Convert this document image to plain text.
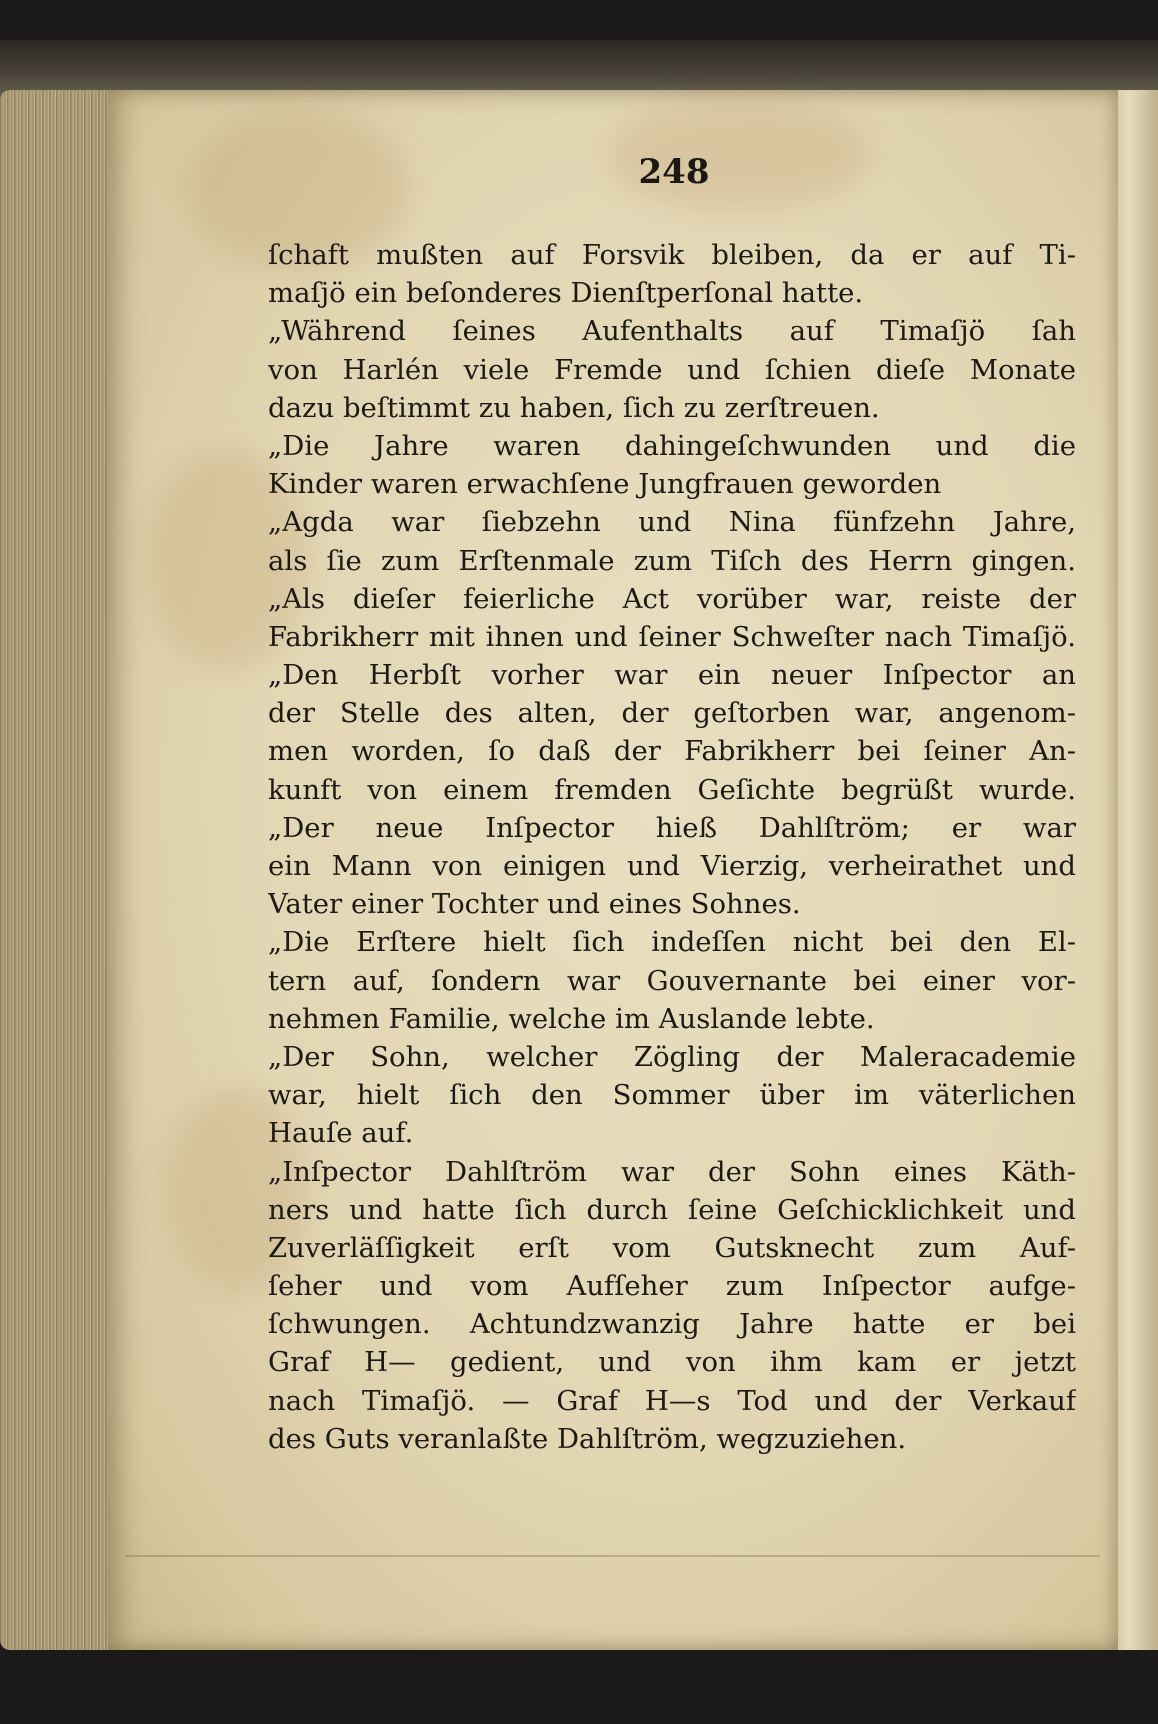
248
ſchaft mußten auf Forsvik bleiben, da er auf Ti-
maſjö ein beſonderes Dienſtperſonal hatte.
„Während ſeines Aufenthalts auf Timaſjö ſah
von Harlén viele Fremde und ſchien dieſe Monate
dazu beſtimmt zu haben, ſich zu zerſtreuen.
„Die Jahre waren dahingeſchwunden und die
Kinder waren erwachſene Jungfrauen geworden
„Agda war ſiebzehn und Nina fünfzehn Jahre,
als ſie zum Erſtenmale zum Tiſch des Herrn gingen.
„Als dieſer feierliche Act vorüber war, reiste der
Fabrikherr mit ihnen und ſeiner Schweſter nach Timaſjö.
„Den Herbſt vorher war ein neuer Inſpector an
der Stelle des alten, der geſtorben war, angenom-
men worden, ſo daß der Fabrikherr bei ſeiner An-
kunft von einem fremden Geſichte begrüßt wurde.
„Der neue Inſpector hieß Dahlſtröm; er war
ein Mann von einigen und Vierzig, verheirathet und
Vater einer Tochter und eines Sohnes.
„Die Erſtere hielt ſich indeſſen nicht bei den El-
tern auf, ſondern war Gouvernante bei einer vor-
nehmen Familie, welche im Auslande lebte.
„Der Sohn, welcher Zögling der Maleracademie
war, hielt ſich den Sommer über im väterlichen
Hauſe auf.
„Inſpector Dahlſtröm war der Sohn eines Käth-
ners und hatte ſich durch ſeine Geſchicklichkeit und
Zuverläſſigkeit erſt vom Gutsknecht zum Auf-
ſeher und vom Aufſeher zum Inſpector aufge-
ſchwungen. Achtundzwanzig Jahre hatte er bei
Graf H— gedient, und von ihm kam er jetzt
nach Timaſjö. — Graf H—s Tod und der Verkauf
des Guts veranlaßte Dahlſtröm, wegzuziehen.
